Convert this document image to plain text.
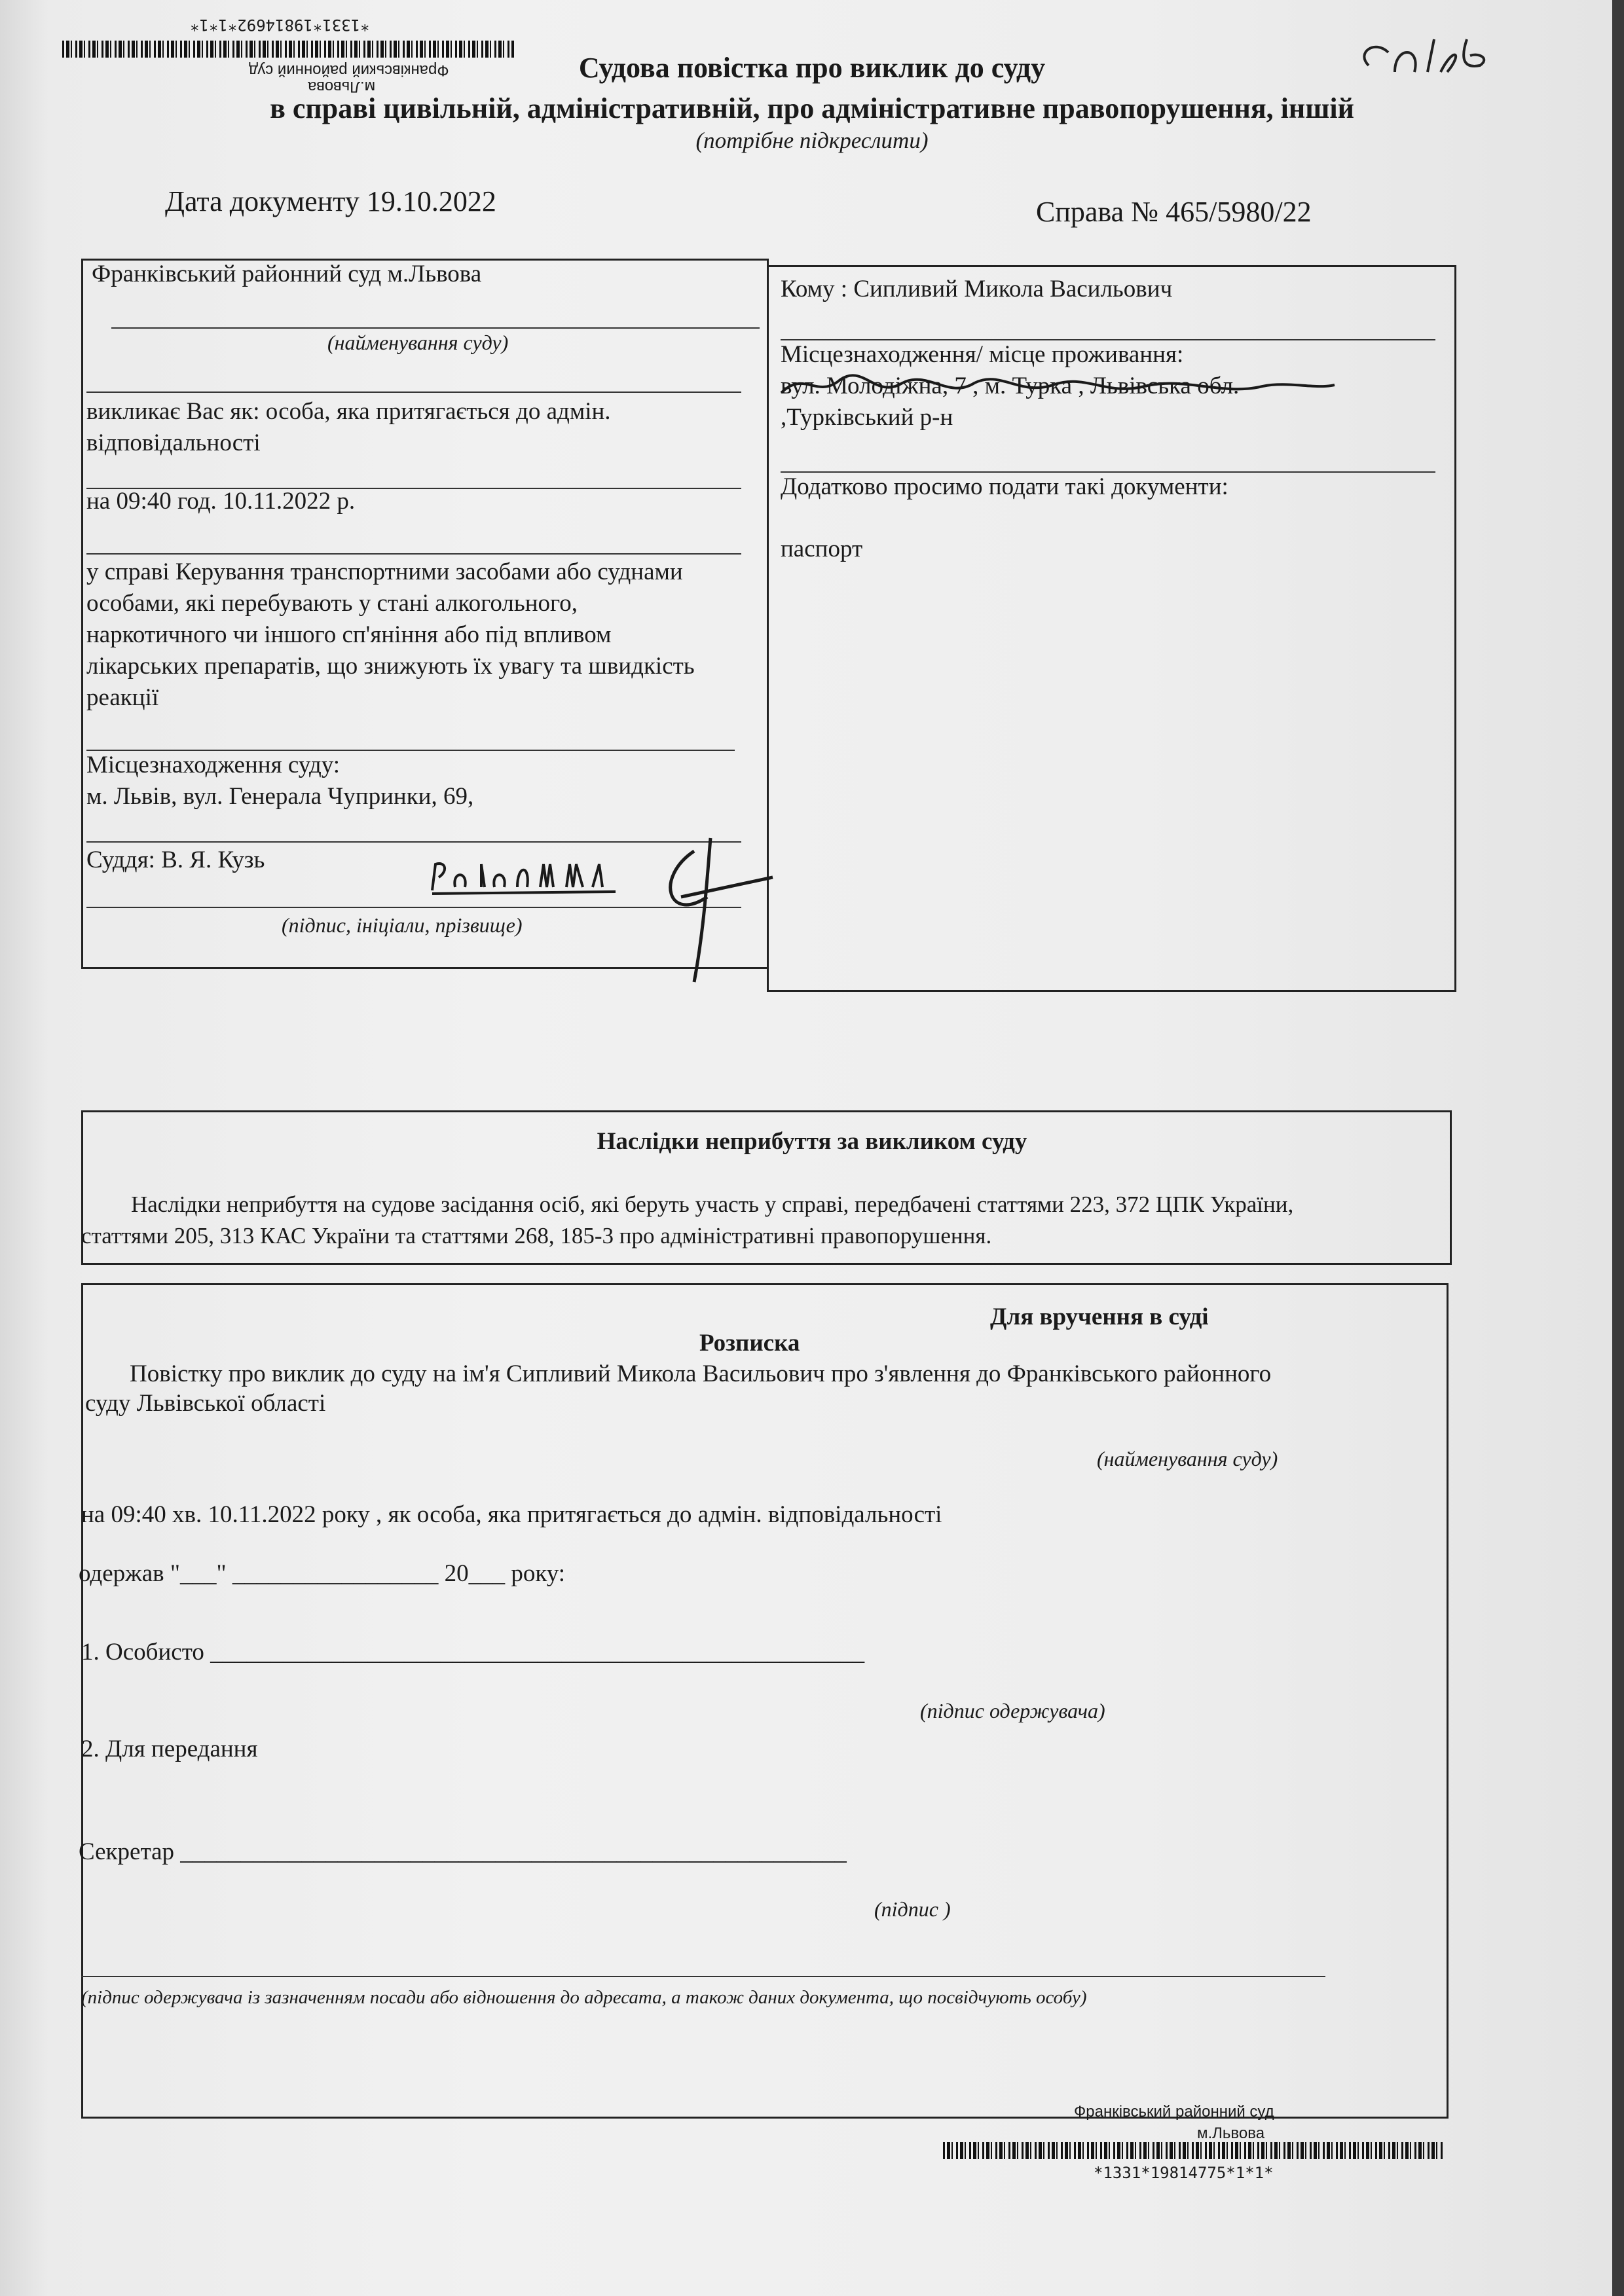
*1331*19814692*1*1*
Франківський районний суд
м.Львова
Судова повістка про виклик до суду
в справі цивільній, адміністративній, про адміністративне правопорушення, іншій
(потрібне підкреслити)
Дата документу 19.10.2022	Справа № 465/5980/22
Франківський районний суд м.Львова
(найменування суду)
викликає Вас як: особа, яка притягається до адмін.
відповідальності
на 09:40 год. 10.11.2022 р.
у справі Керування транспортними засобами або суднами
особами, які перебувають у стані алкогольного,
наркотичного чи іншого сп'яніння або під впливом
лікарських препаратів, що знижують їх увагу та швидкість
реакції
Місцезнаходження суду:
м. Львів, вул. Генерала Чупринки, 69,
Суддя: В. Я. Кузь
(підпис, ініціали, прізвище)
Кому : Сипливий Микола Васильович
Місцезнаходження/ місце проживання:
вул. Молодіжна, 7 , м. Турка , Львівська обл.
,Турківський р-н
Додатково просимо подати такі документи:
паспорт
Наслідки неприбуття за викликом суду
Наслідки неприбуття на судове засідання осіб, які беруть участь у справі, передбачені статтями 223, 372 ЦПК України,
статтями 205, 313 КАС України та статтями 268, 185-3 про адміністративні правопорушення.
Для вручення в суді
Розписка
Повістку про виклик до суду на ім'я Сипливий Микола Васильович про з'явлення до Франківського районного
суду Львівської області
(найменування суду)
на 09:40 хв. 10.11.2022 року , як особа, яка притягається до адмін. відповідальності
одержав "___" _________________ 20___ року:
1. Особисто ______________________________________________________
(підпис одержувача)
2. Для передання
Секретар _______________________________________________________
(підпис )
(підпис одержувача із зазначенням посади або відношення до адресата, а також даних документа, що посвідчують особу)
Франківський районний суд
м.Львова
*1331*19814775*1*1*
